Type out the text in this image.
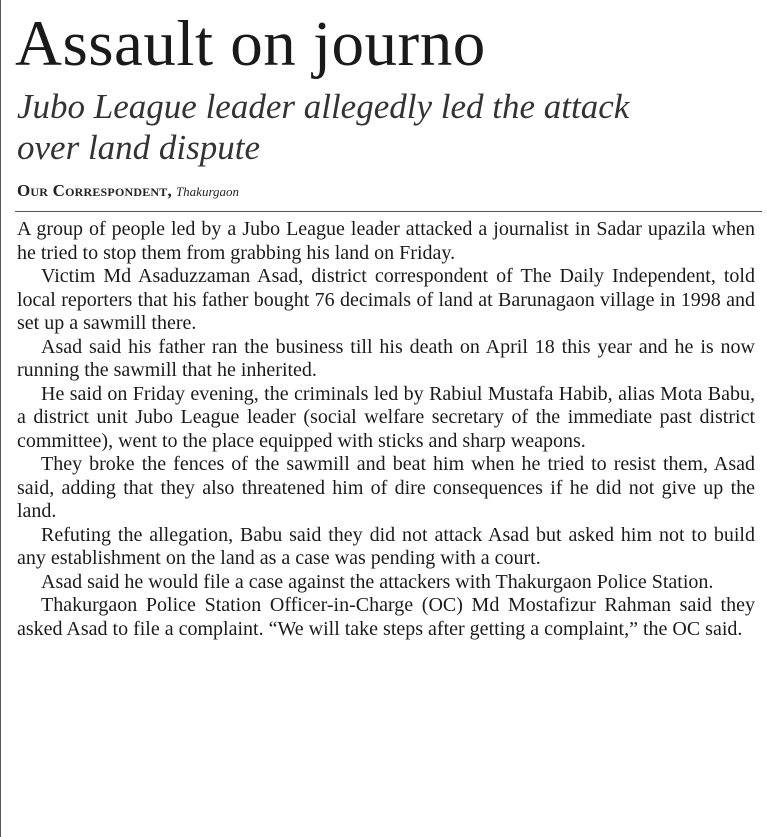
Assault on journo
Jubo League leader allegedly led the attack
over land dispute
Our Correspondent, Thakurgaon

A group of people led by a Jubo League leader attacked a journalist in Sadar upazila when he tried to stop them from grabbing his land on Friday.

Victim Md Asaduzzaman Asad, district correspondent of The Daily Independent, told local reporters that his father bought 76 decimals of land at Barunagaon village in 1998 and set up a sawmill there.

Asad said his father ran the business till his death on April 18 this year and he is now running the sawmill that he inherited.

He said on Friday evening, the criminals led by Rabiul Mustafa Habib, alias Mota Babu, a district unit Jubo League leader (social welfare secretary of the immediate past district committee), went to the place equipped with sticks and sharp weapons.

They broke the fences of the sawmill and beat him when he tried to resist them, Asad said, adding that they also threatened him of dire consequences if he did not give up the land.

Refuting the allegation, Babu said they did not attack Asad but asked him not to build any establishment on the land as a case was pending with a court.

Asad said he would file a case against the attackers with Thakurgaon Police Station.

Thakurgaon Police Station Officer-in-Charge (OC) Md Mostafizur Rahman said they asked Asad to file a complaint. “We will take steps after getting a complaint,” the OC said.
